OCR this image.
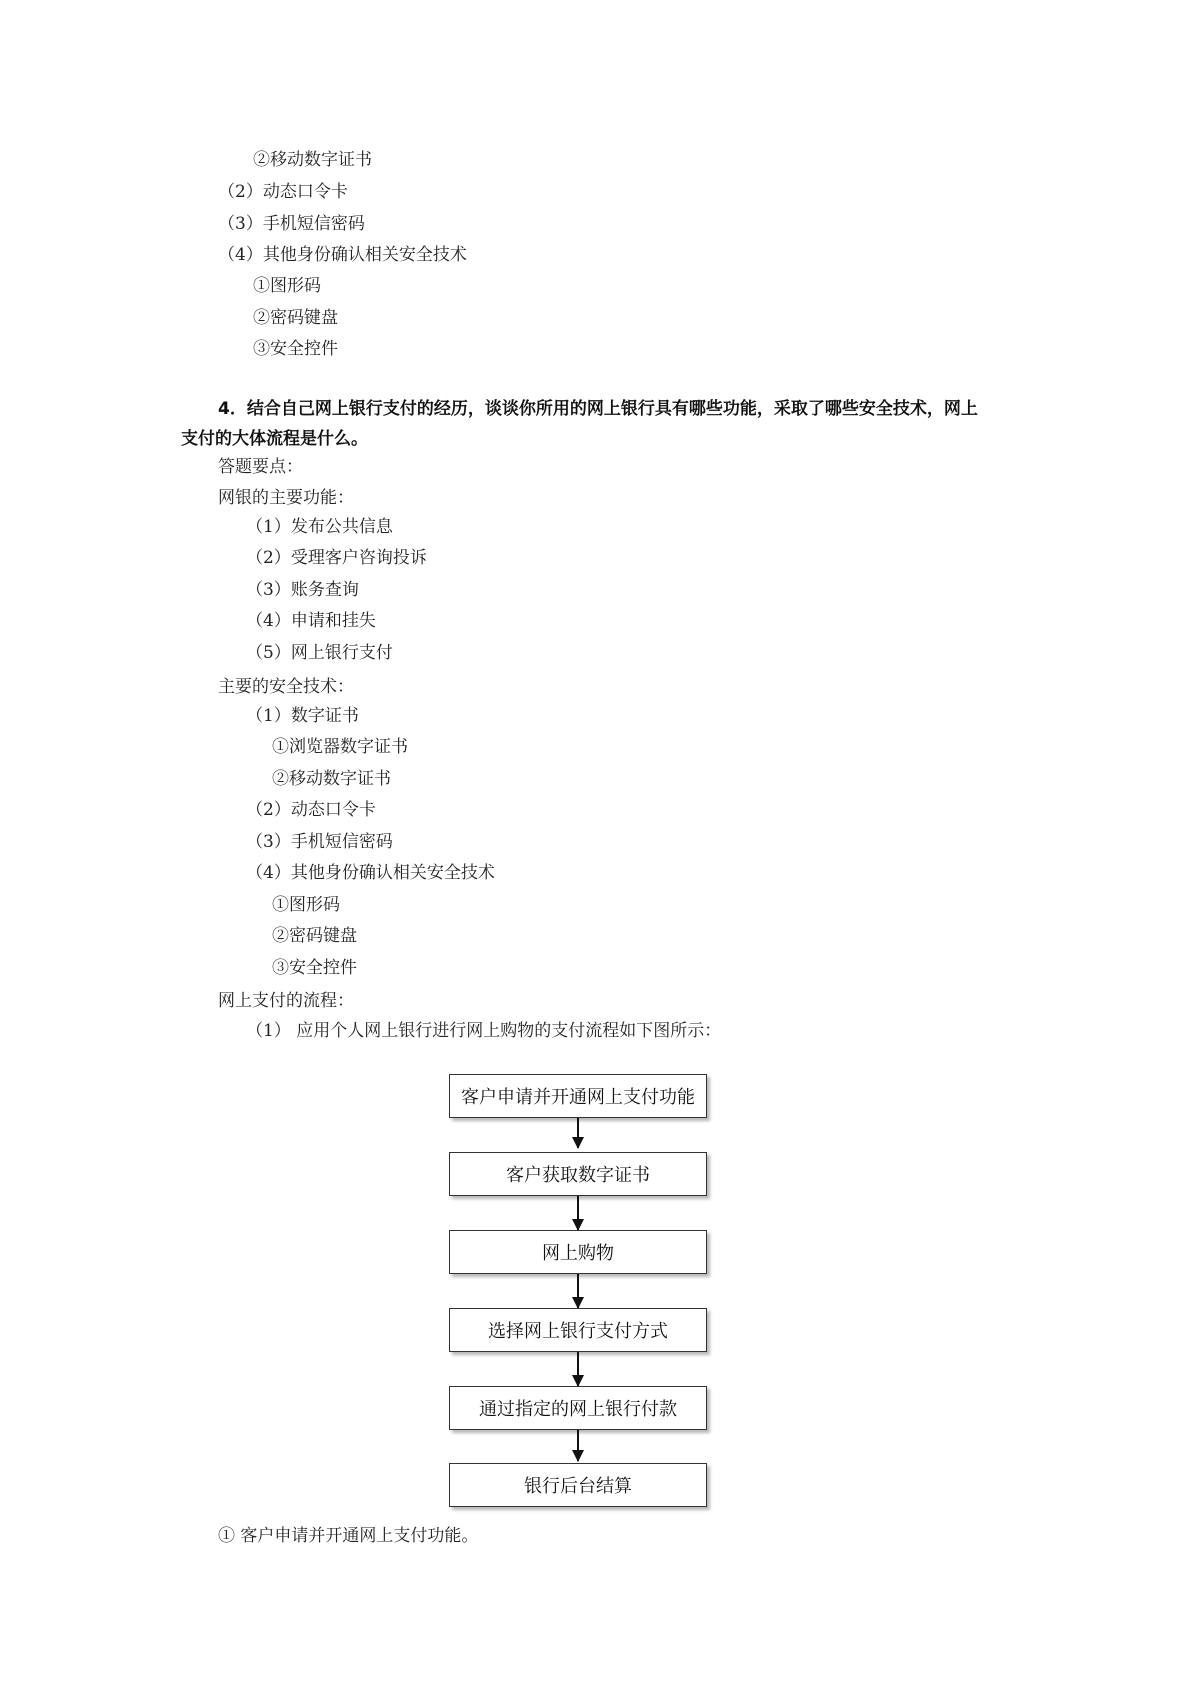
②移动数字证书
（2）动态口令卡
（3）手机短信密码
（4）其他身份确认相关安全技术
①图形码
②密码键盘
③安全控件
4．结合自己网上银行支付的经历，谈谈你所用的网上银行具有哪些功能，采取了哪些安全技术，网上
支付的大体流程是什么。
答题要点：
网银的主要功能：
（1）发布公共信息
（2）受理客户咨询投诉
（3）账务查询
（4）申请和挂失
（5）网上银行支付
主要的安全技术：
（1）数字证书
①浏览器数字证书
②移动数字证书
（2）动态口令卡
（3）手机短信密码
（4）其他身份确认相关安全技术
①图形码
②密码键盘
③安全控件
网上支付的流程：
（1） 应用个人网上银行进行网上购物的支付流程如下图所示：
客户申请并开通网上支付功能
客户获取数字证书
网上购物
选择网上银行支付方式
通过指定的网上银行付款
银行后台结算
① 客户申请并开通网上支付功能。
